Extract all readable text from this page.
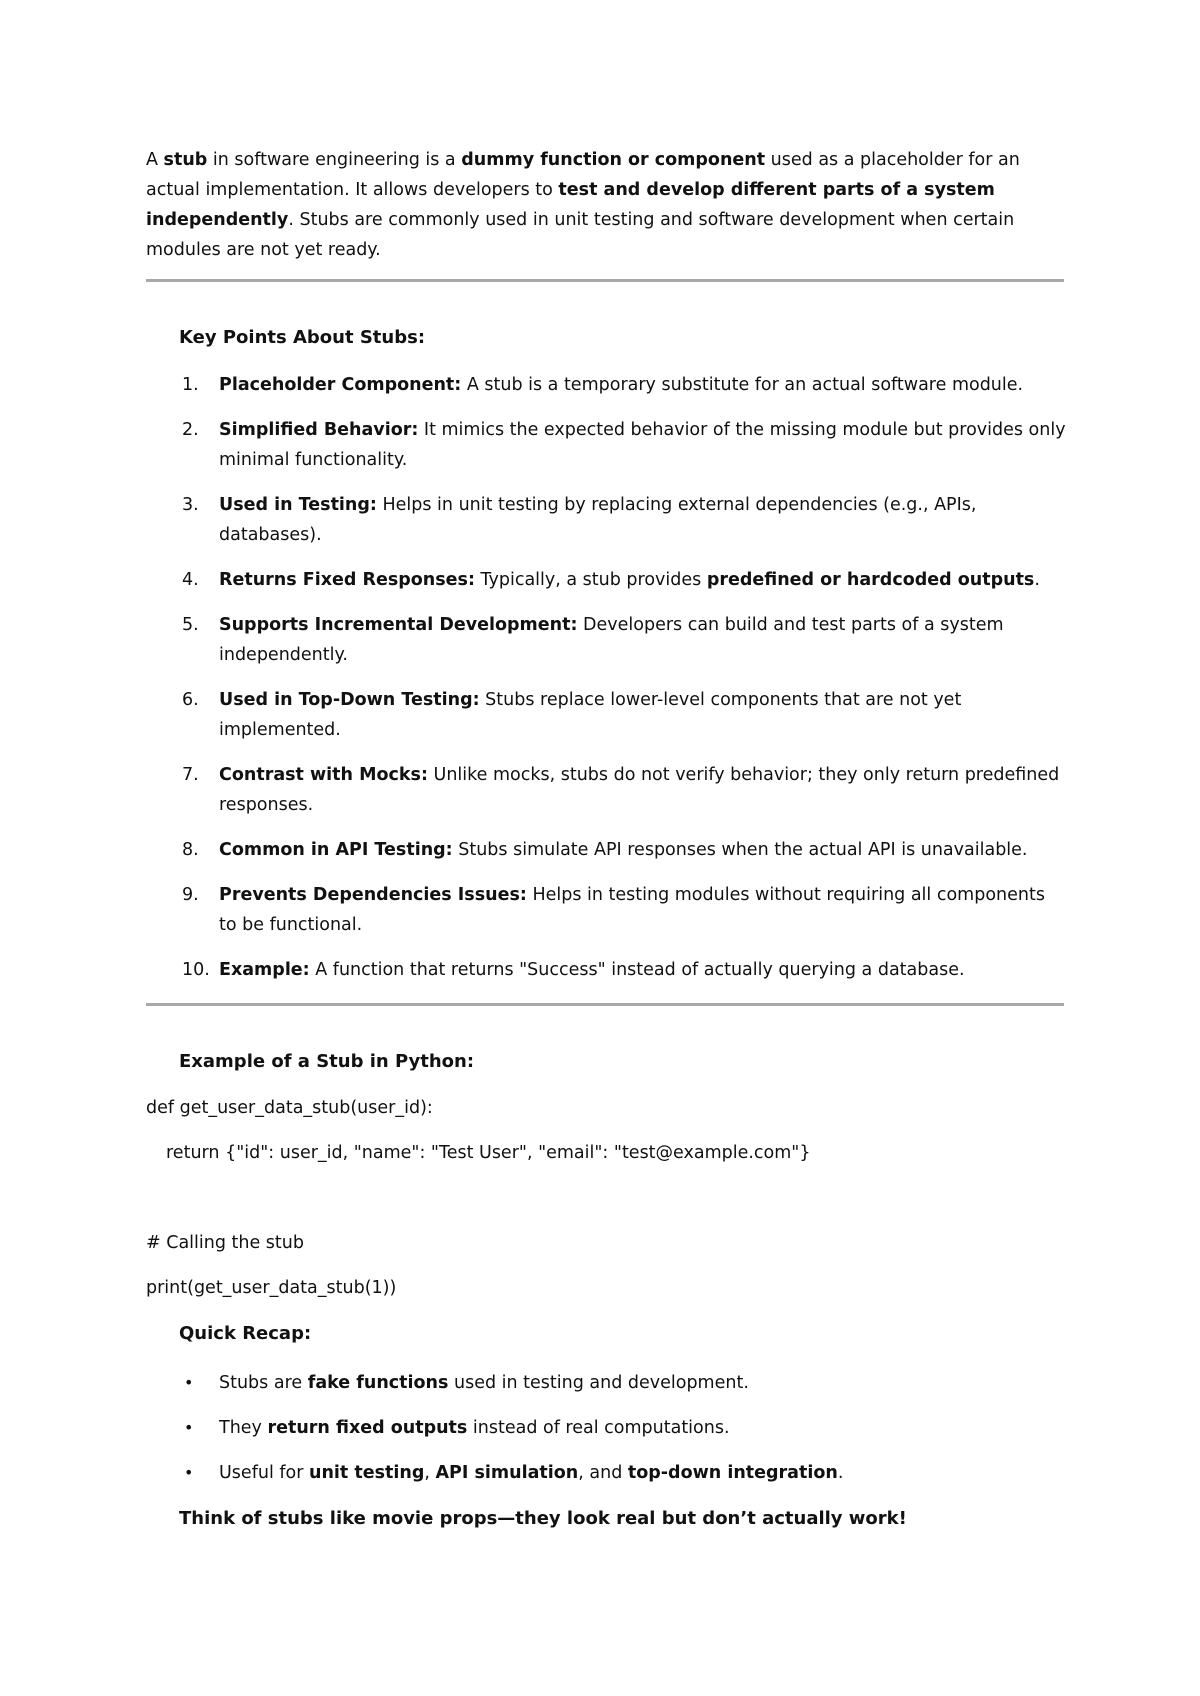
A stub in software engineering is a dummy function or component used as a placeholder for an actual implementation. It allows developers to test and develop different parts of a system independently. Stubs are commonly used in unit testing and software development when certain modules are not yet ready.

Key Points About Stubs:

1. Placeholder Component: A stub is a temporary substitute for an actual software module.
2. Simplified Behavior: It mimics the expected behavior of the missing module but provides only minimal functionality.
3. Used in Testing: Helps in unit testing by replacing external dependencies (e.g., APIs, databases).
4. Returns Fixed Responses: Typically, a stub provides predefined or hardcoded outputs.
5. Supports Incremental Development: Developers can build and test parts of a system independently.
6. Used in Top-Down Testing: Stubs replace lower-level components that are not yet implemented.
7. Contrast with Mocks: Unlike mocks, stubs do not verify behavior; they only return predefined responses.
8. Common in API Testing: Stubs simulate API responses when the actual API is unavailable.
9. Prevents Dependencies Issues: Helps in testing modules without requiring all components to be functional.
10. Example: A function that returns "Success" instead of actually querying a database.

Example of a Stub in Python:

def get_user_data_stub(user_id):

return {"id": user_id, "name": "Test User", "email": "test@example.com"}

# Calling the stub

print(get_user_data_stub(1))

Quick Recap:

• Stubs are fake functions used in testing and development.
• They return fixed outputs instead of real computations.
• Useful for unit testing, API simulation, and top-down integration.

Think of stubs like movie props—they look real but don’t actually work!
